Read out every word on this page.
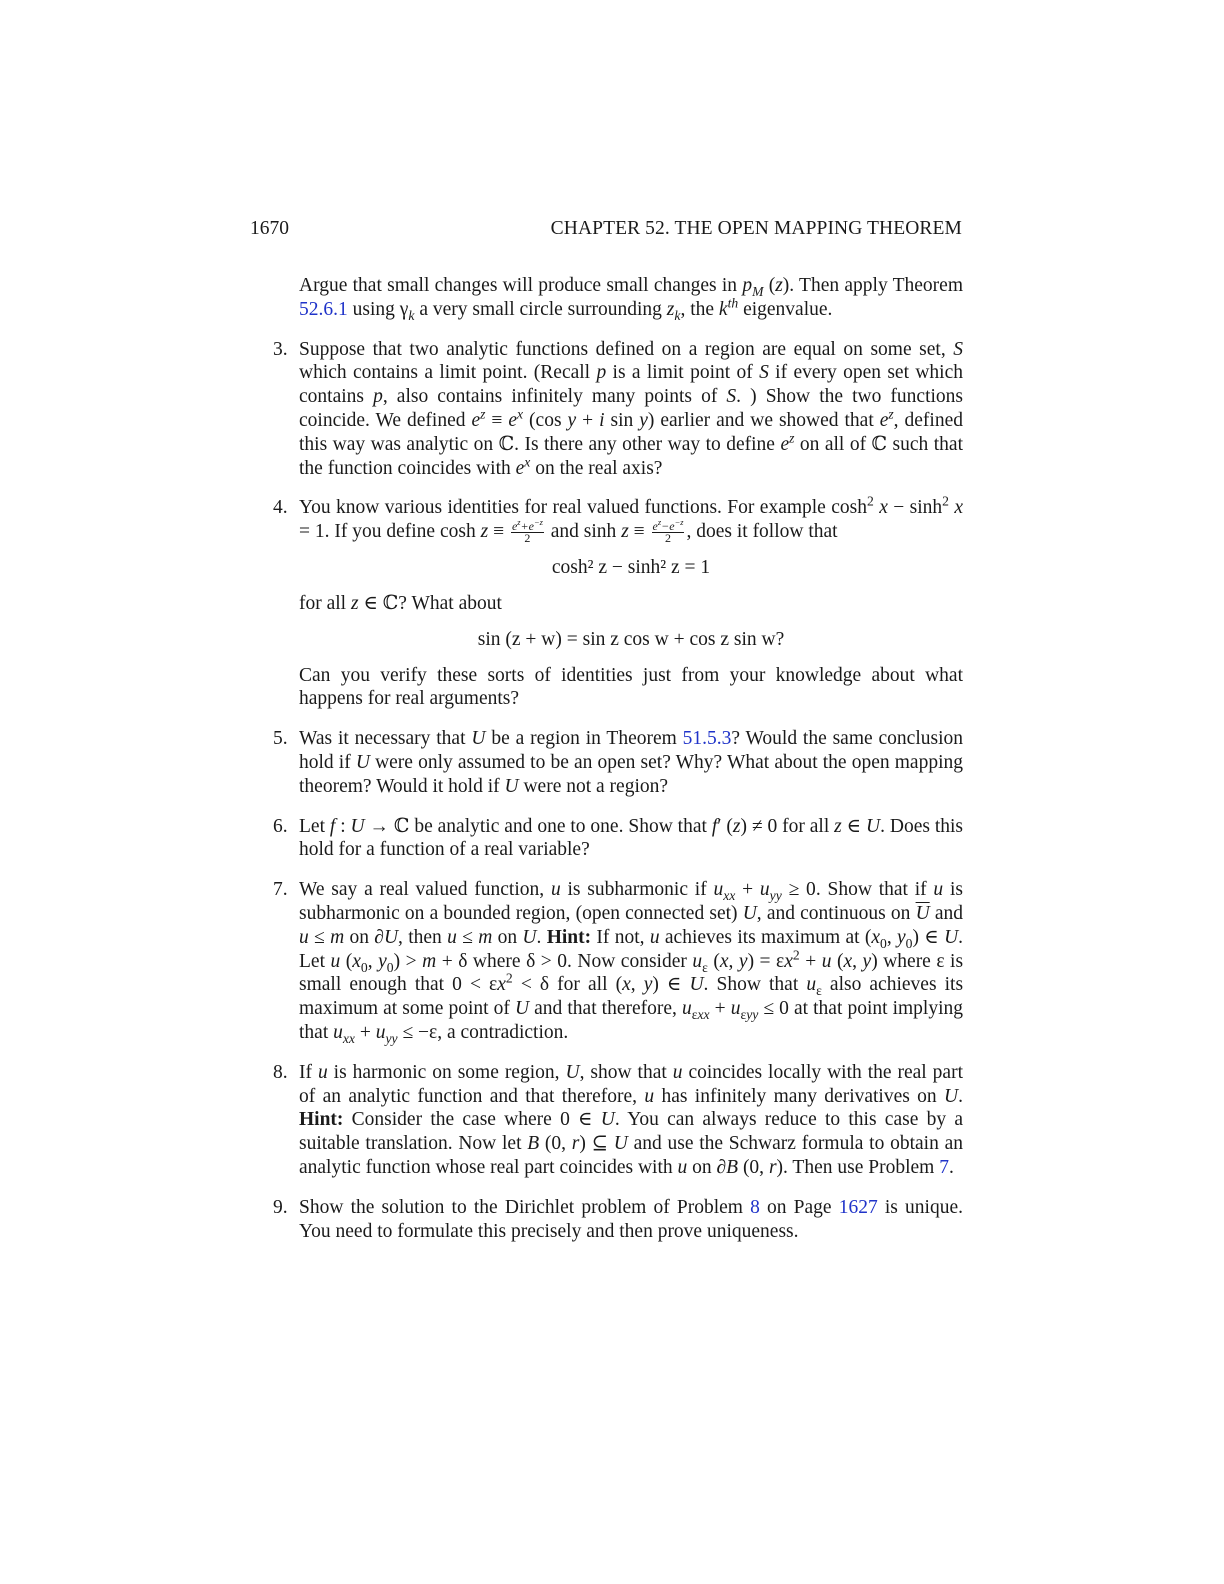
1670	CHAPTER 52. THE OPEN MAPPING THEOREM

Argue that small changes will produce small changes in $p_M$ (z). Then apply Theorem 52.6.1 using $\gamma_k$ a very small circle surrounding $z_k$, the $k^{th}$ eigenvalue.

3. Suppose that two analytic functions defined on a region are equal on some set, S which contains a limit point. (Recall p is a limit point of S if every open set which contains p, also contains infinitely many points of S. ) Show the two functions coincide. We defined $e^z \equiv e^x$ (cos y + i sin y) earlier and we showed that $e^z$, defined this way was analytic on ℂ. Is there any other way to define $e^z$ on all of ℂ such that the function coincides with $e^x$ on the real axis?
4. You know various identities for real valued functions. For example $\cosh^2 x - \sinh^2 x = 1$. If you define $\cosh z \equiv \frac{e^z+e^{-z}}{2}$ and $\sinh z \equiv \frac{e^z-e^{-z}}{2}$ , does it follow that
cosh² z − sinh² z = 1
for all z ∈ ℂ? What about
sin (z + w) = sin z cos w + cos z sin w?
Can you verify these sorts of identities just from your knowledge about what happens for real arguments?
5. Was it necessary that U be a region in Theorem 51.5.3? Would the same conclusion hold if U were only assumed to be an open set? Why? What about the open mapping theorem? Would it hold if U were not a region?
6. Let f : U → ℂ be analytic and one to one. Show that f′ (z) ≠ 0 for all z ∈ U. Does this hold for a function of a real variable?
7. We say a real valued function, u is subharmonic if $u_{xx} + u_{yy} \ge 0$. Show that if u is subharmonic on a bounded region, (open connected set) U, and continuous on $\overline{U}$ and u ≤ m on ∂U, then u ≤ m on U. Hint: If not, u achieves its maximum at ($x_0$, $y_0$) ∈ U. Let u ($x_0$, $y_0) > m + \delta$ where δ > 0. Now consider $u_\varepsilon$ (x, $y) = \varepsilon x^2 + u$ (x, y) where ε is small enough that $0 < \varepsilon x^2 < \delta$ for all (x, y) ∈ U. Show that $u_\varepsilon$ also achieves its maximum at some point of U and that therefore, $u_{\varepsilon xx} + u_{\varepsilon yy} \le 0$ at that point implying that $u_{xx} + u_{yy} \le -\varepsilon$, a contradiction.
8. If u is harmonic on some region, U, show that u coincides locally with the real part of an analytic function and that therefore, u has infinitely many derivatives on U. Hint: Consider the case where 0 ∈ U. You can always reduce to this case by a suitable translation. Now let B (0, r) ⊆ U and use the Schwarz formula to obtain an analytic function whose real part coincides with u on ∂B (0, r). Then use Problem 7.
9. Show the solution to the Dirichlet problem of Problem 8 on Page 1627 is unique. You need to formulate this precisely and then prove uniqueness.
